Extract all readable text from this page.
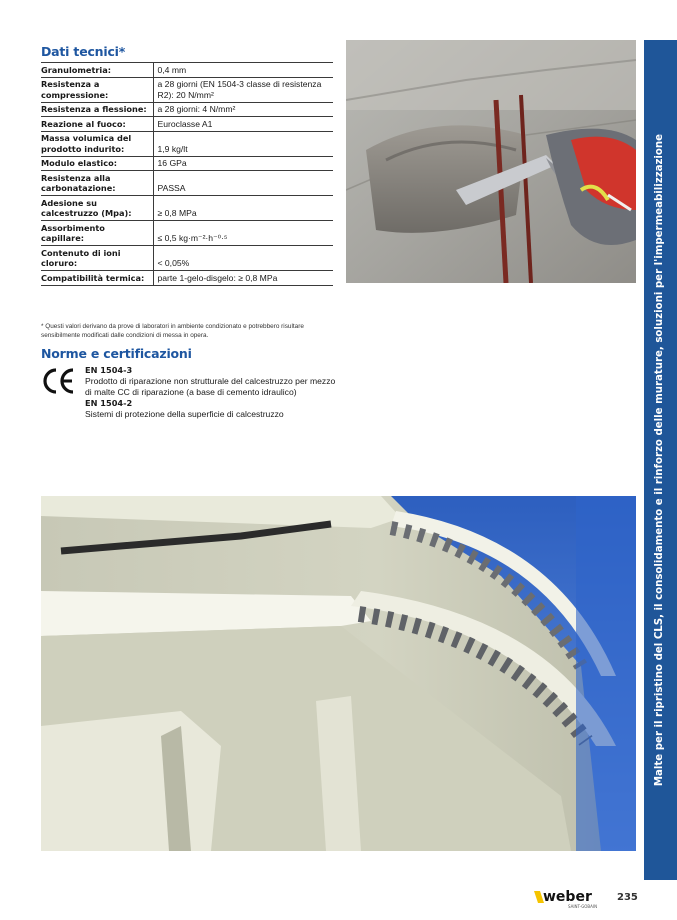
Dati tecnici*
Granulometria:	0,4 mm
Resistenza a compressione:	a 28 giorni (EN 1504-3 classe di resistenza R2): 20 N/mm²
Resistenza a flessione:	a 28 giorni: 4 N/mm²
Reazione al fuoco:	Euroclasse A1
Massa volumica del prodotto indurito:	1,9 kg/lt
Modulo elastico:	16 GPa
Resistenza alla carbonatazione:	PASSA
Adesione su calcestruzzo (Mpa):	≥ 0,8 MPa
Assorbimento capillare:	≤ 0,5 kg·m⁻²·h⁻⁰·⁵
Contenuto di ioni cloruro:	< 0,05%
Compatibilità termica:	parte 1-gelo-disgelo: ≥ 0,8 MPa
* Questi valori derivano da prove di laboratori in ambiente condizionato e potrebbero risultare sensibilmente modificati dalle condizioni di messa in opera.
Norme e certificazioni
EN 1504-3
Prodotto di riparazione non strutturale del calcestruzzo per mezzo di malte CC di riparazione (a base di cemento idraulico)
EN 1504-2
Sistemi di protezione della superficie di calcestruzzo	Malte per il ripristino del CLS, il consolidamento e il rinforzo delle murature, soluzioni per l'impermeabilizzazione
weber
SAINT-GOBAIN
235
